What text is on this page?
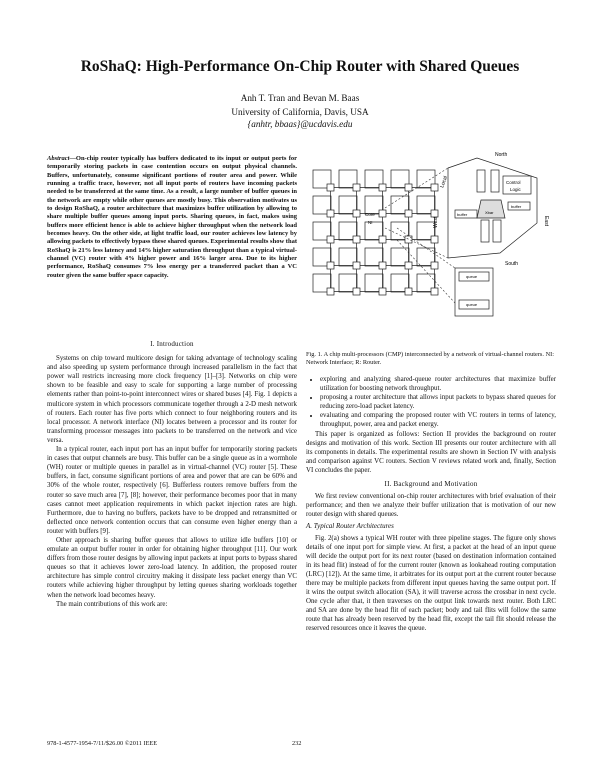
RoShaQ: High-Performance On-Chip Router with Shared Queues
Anh T. Tran and Bevan M. Baas
University of California, Davis, USA
{anhtr, bbaas}@ucdavis.edu
Abstract—On-chip router typically has buffers dedicated to its input or output ports for temporarily storing packets in case contention occurs on output physical channels. Buffers, unfortunately, consume significant portions of router area and power. While running a traffic trace, however, not all input ports of routers have incoming packets needed to be transferred at the same time. As a result, a large number of buffer queues in the network are empty while other queues are mostly busy. This observation motivates us to design RoShaQ, a router architecture that maximizes buffer utilization by allowing to share multiple buffer queues among input ports. Sharing queues, in fact, makes using buffers more efficient hence is able to achieve higher throughput when the network load becomes heavy. On the other side, at light traffic load, our router achieves low latency by allowing packets to effectively bypass these shared queues. Experimental results show that RoShaQ is 21% less latency and 14% higher saturation throughput than a typical virtual-channel (VC) router with 4% higher power and 16% larger area. Due to its higher performance, RoShaQ consumes 7% less energy per a transferred packet than a VC router given the same buffer space capacity.
I. Introduction

Systems on chip toward multicore design for taking advantage of technology scaling and also speeding up system performance through increased parallelism in the fact that power wall restricts increasing more clock frequency [1]–[3]. Networks on chip were shown to be feasible and easy to scale for supporting a large number of processing elements rather than point-to-point interconnect wires or shared buses [4]. Fig. 1 depicts a multicore system in which processors communicate together through a 2-D mesh network of routers. Each router has five ports which connect to four neighboring routers and its local processor. A network interface (NI) locates between a processor and its router for transforming processor messages into packets to be transferred on the network and vice versa.

In a typical router, each input port has an input buffer for temporarily storing packets in cases that output channels are busy. This buffer can be a single queue as in a wormhole (WH) router or multiple queues in parallel as in virtual-channel (VC) router [5]. These buffers, in fact, consume significant portions of area and power that are can be 60% and 30% of the whole router, respectively [6]. Bufferless routers remove buffers from the router so save much area [7], [8]; however, their performance becomes poor that in many cases cannot meet application requirements in which packet injection rates are high. Furthermore, due to having no buffers, packets have to be dropped and retransmitted or deflected once network contention occurs that can consume even higher energy than a router with buffers [9].

Other approach is sharing buffer queues that allows to utilize idle buffers [10] or emulate an output buffer router in order for obtaining higher throughput [11]. Our work differs from those router designs by allowing input packets at input ports to bypass shared queues so that it achieves lower zero-load latency. In addition, the proposed router architecture has simple control circuitry making it dissipate less packet energy than VC routers while achieving higher throughput by letting queues sharing workloads together when the network load becomes heavy.

The main contributions of this work are:

North
Local
West	East
South
Control
Logic
buffer
buffer
Xbar
Core
NI
queue
queue
Fig. 1. A chip multi-processors (CMP) interconnected by a network of virtual-channel routers. NI: Network Interface; R: Router.
• exploring and analyzing shared-queue router architectures that maximize buffer utilization for boosting network throughput.
• proposing a router architecture that allows input packets to bypass shared queues for reducing zero-load packet latency.
• evaluating and comparing the proposed router with VC routers in terms of latency, throughput, power, area and packet energy.

This paper is organized as follows: Section II provides the background on router designs and motivation of this work. Section III presents our router architecture with all its components in details. The experimental results are shown in Section IV with analysis and comparison against VC routers. Section V reviews related work and, finally, Section VI concludes the paper.

II. Background and Motivation

We first review conventional on-chip router architectures with brief evaluation of their performance; and then we analyze their buffer utilization that is motivation of our new router design with shared queues.

A. Typical Router Architectures

Fig. 2(a) shows a typical WH router with three pipeline stages. The figure only shows details of one input port for simple view. At first, a packet at the head of an input queue will decide the output port for its next router (based on destination information contained in its head flit) instead of for the current router (known as lookahead routing computation (LRC) [12]). At the same time, it arbitrates for its output port at the current router because there may be multiple packets from different input queues having the same output port. If it wins the output switch allocation (SA), it will traverse across the crossbar in next cycle. One cycle after that, it then traverses on the output link towards next router. Both LRC and SA are done by the head flit of each packet; body and tail flits will follow the same route that has already been reserved by the head flit, except the tail flit should release the reserved resources once it leaves the queue.

978-1-4577-1954-7/11/$26.00 ©2011 IEEE	232
